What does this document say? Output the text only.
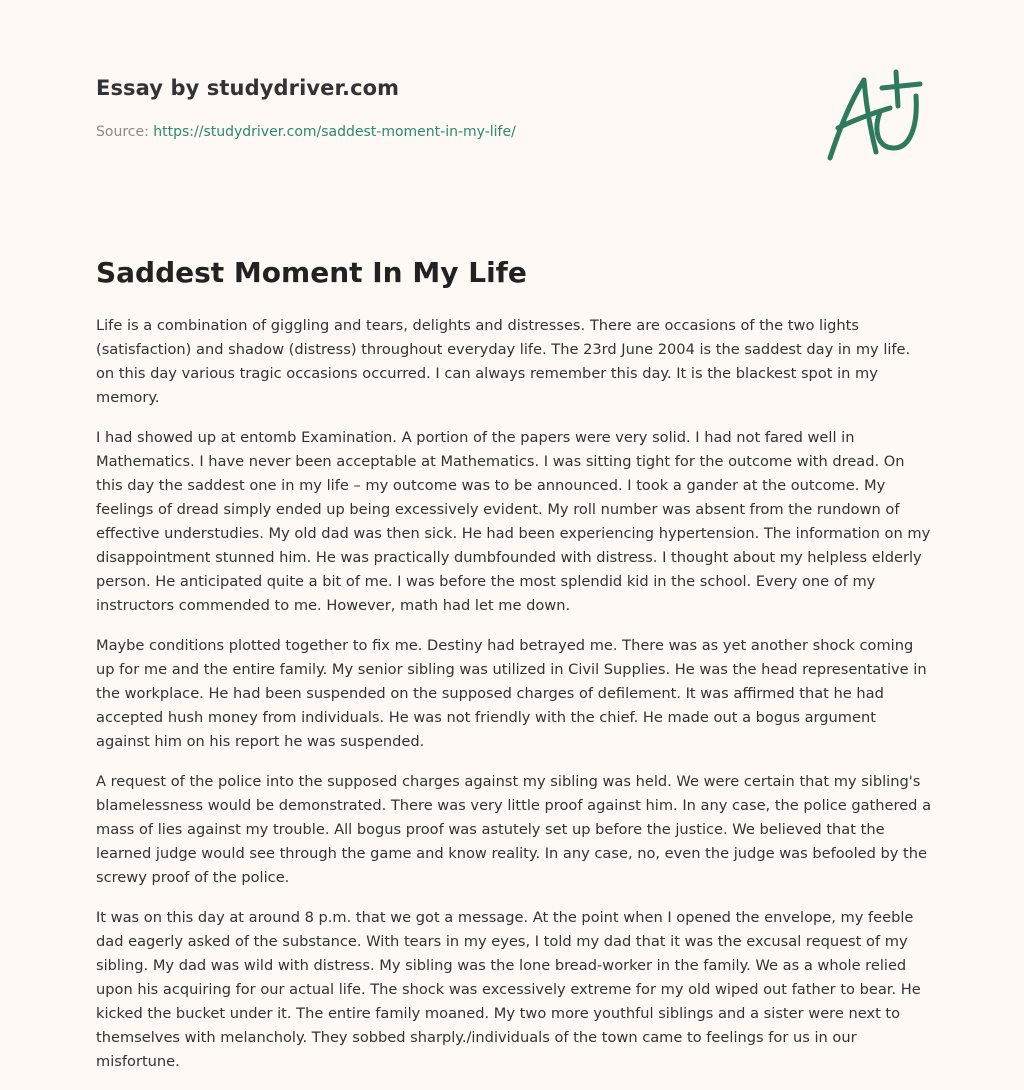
Essay by studydriver.com
Source: https://studydriver.com/saddest-moment-in-my-life/
Saddest Moment In My Life

Life is a combination of giggling and tears, delights and distresses. There are occasions of the two lights (satisfaction) and shadow (distress) throughout everyday life. The 23rd June 2004 is the saddest day in my life. on this day various tragic occasions occurred. I can always remember this day. It is the blackest spot in my memory.

I had showed up at entomb Examination. A portion of the papers were very solid. I had not fared well in Mathematics. I have never been acceptable at Mathematics. I was sitting tight for the outcome with dread. On this day the saddest one in my life – my outcome was to be announced. I took a gander at the outcome. My feelings of dread simply ended up being excessively evident. My roll number was absent from the rundown of effective understudies. My old dad was then sick. He had been experiencing hypertension. The information on my disappointment stunned him. He was practically dumbfounded with distress. I thought about my helpless elderly person. He anticipated quite a bit of me. I was before the most splendid kid in the school. Every one of my instructors commended to me. However, math had let me down.

Maybe conditions plotted together to fix me. Destiny had betrayed me. There was as yet another shock coming up for me and the entire family. My senior sibling was utilized in Civil Supplies. He was the head representative in the workplace. He had been suspended on the supposed charges of defilement. It was affirmed that he had accepted hush money from individuals. He was not friendly with the chief. He made out a bogus argument against him on his report he was suspended.

A request of the police into the supposed charges against my sibling was held. We were certain that my sibling's blamelessness would be demonstrated. There was very little proof against him. In any case, the police gathered a mass of lies against my trouble. All bogus proof was astutely set up before the justice. We believed that the learned judge would see through the game and know reality. In any case, no, even the judge was befooled by the screwy proof of the police.

It was on this day at around 8 p.m. that we got a message. At the point when I opened the envelope, my feeble dad eagerly asked of the substance. With tears in my eyes, I told my dad that it was the excusal request of my sibling. My dad was wild with distress. My sibling was the lone bread-worker in the family. We as a whole relied upon his acquiring for our actual life. The shock was excessively extreme for my old wiped out father to bear. He kicked the bucket under it. The entire family moaned. My two more youthful siblings and a sister were next to themselves with melancholy. They sobbed sharply./individuals of the town came to feelings for us in our misfortune.
